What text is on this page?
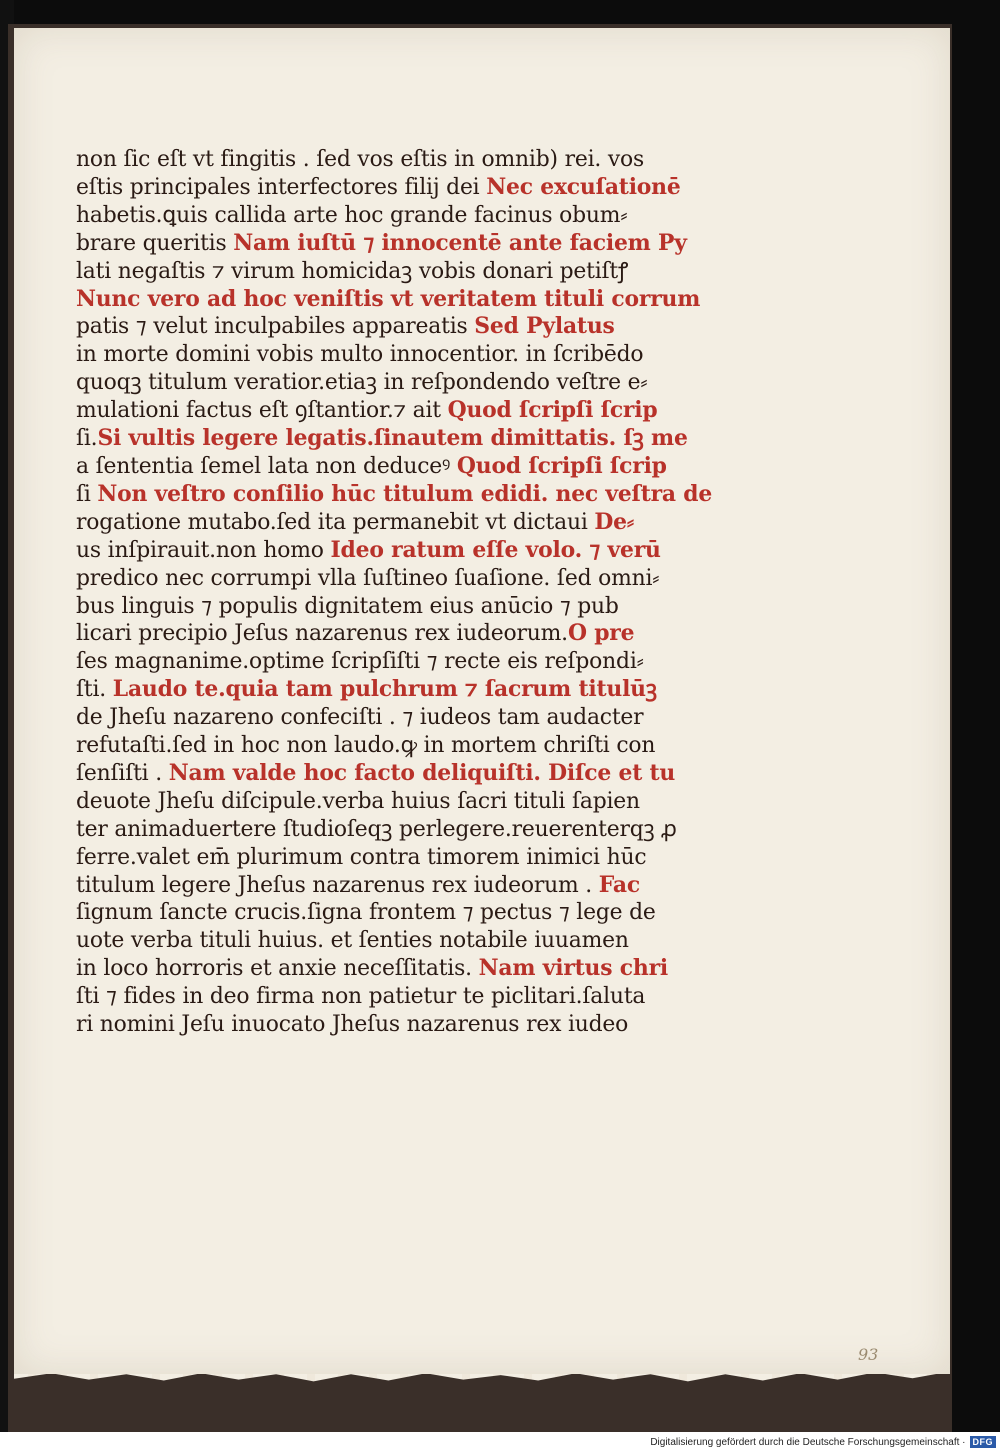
non ſic eſt vt fingitis . ſed vos eſtis in omnib) rei. vos
eſtis principales interfectores filij dei Nec excuſationē
habetis.ꝗuis callida arte hoc grande facinus obum⸗
brare queritis Nam iuſtū ⁊ innocentē ante faciem Py
lati negaſtis ⁊ virum homicidaꝫ vobis donari petiſtꝭ
Nunc vero ad hoc veniſtis vt veritatem tituli corrum
patis ⁊ velut inculpabiles appareatis Sed Pylatus
in morte domini vobis multo innocentior. in ſcribēdo
quoqꝫ titulum veratior.etiaꝫ in reſpondendo veſtre e⸗
mulationi factus eſt ꝯſtantior.⁊ ait Quod ſcripſi ſcrip
ſi.Si vultis legere legatis.ſinautem dimittatis. ſꝫ me
a ſententia ſemel lata non deduceꝰ Quod ſcripſi ſcrip
ſi Non veſtro conſilio hūc titulum edidi. nec veſtra de
rogatione mutabo.ſed ita permanebit vt dictaui De⸗
us inſpirauit.non homo Ideo ratum eſſe volo. ⁊ verū
predico nec corrumpi vlla ſuſtineo ſuaſione. ſed omni⸗
bus linguis ⁊ populis dignitatem eius anūcio ⁊ pub
licari precipio Jeſus nazarenus rex iudeorum.O pre
ſes magnanime.optime ſcripſiſti ⁊ recte eis reſpondi⸗
ſti. Laudo te.quia tam pulchrum ⁊ ſacrum titulūꝫ
de Jheſu nazareno confeciſti . ⁊ iudeos tam audacter
refutaſti.ſed in hoc non laudo.ꝙ in mortem chriſti con
ſenſiſti . Nam valde hoc facto deliquiſti. Diſce et tu
deuote Jheſu diſcipule.verba huius ſacri tituli ſapien
ter animaduertere ſtudioſeqꝫ perlegere.reuerenterqꝫ ꝓ
ferre.valet em̄ plurimum contra timorem inimici hūc
titulum legere Jheſus nazarenus rex iudeorum . Fac
ſignum ſancte crucis.ſigna frontem ⁊ pectus ⁊ lege de
uote verba tituli huius. et ſenties notabile iuuamen
in loco horroris et anxie neceſſitatis. Nam virtus chri
ſti ⁊ fides in deo firma non patietur te piclitari.ſaluta
ri nomini Jeſu inuocato Jheſus nazarenus rex iudeo
93
Digitalisierung gefördert durch die Deutsche Forschungsgemeinschaft · DFG
